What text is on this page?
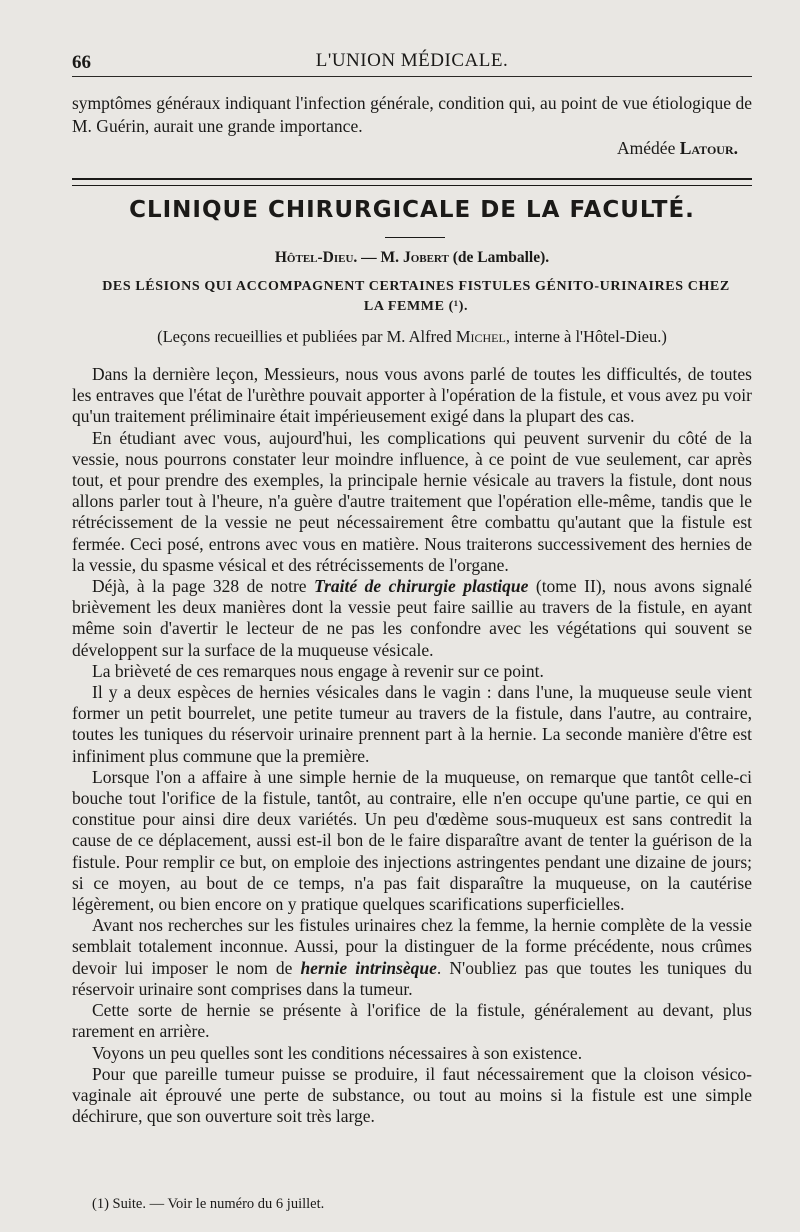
66	L'UNION MÉDICALE.
symptômes généraux indiquant l'infection générale, condition qui, au point de vue étiologique de M. Guérin, aurait une grande importance.
Amédée Latour.
CLINIQUE CHIRURGICALE DE LA FACULTÉ.
Hôtel-Dieu. — M. Jobert (de Lamballe).
DES LÉSIONS QUI ACCOMPAGNENT CERTAINES FISTULES GÉNITO-URINAIRES CHEZ LA FEMME (¹).
(Leçons recueillies et publiées par M. Alfred Michel, interne à l'Hôtel-Dieu.)

Dans la dernière leçon, Messieurs, nous vous avons parlé de toutes les difficultés, de toutes les entraves que l'état de l'urèthre pouvait apporter à l'opération de la fistule, et vous avez pu voir qu'un traitement préliminaire était impérieusement exigé dans la plupart des cas.

En étudiant avec vous, aujourd'hui, les complications qui peuvent survenir du côté de la vessie, nous pourrons constater leur moindre influence, à ce point de vue seulement, car après tout, et pour prendre des exemples, la principale hernie vésicale au travers la fistule, dont nous allons parler tout à l'heure, n'a guère d'autre traitement que l'opération elle-même, tandis que le rétrécissement de la vessie ne peut nécessairement être combattu qu'autant que la fistule est fermée. Ceci posé, entrons avec vous en matière. Nous traiterons successivement des hernies de la vessie, du spasme vésical et des rétrécissements de l'organe.

Déjà, à la page 328 de notre Traité de chirurgie plastique (tome II), nous avons signalé brièvement les deux manières dont la vessie peut faire saillie au travers de la fistule, en ayant même soin d'avertir le lecteur de ne pas les confondre avec les végétations qui souvent se développent sur la surface de la muqueuse vésicale.

La brièveté de ces remarques nous engage à revenir sur ce point.

Il y a deux espèces de hernies vésicales dans le vagin : dans l'une, la muqueuse seule vient former un petit bourrelet, une petite tumeur au travers de la fistule, dans l'autre, au contraire, toutes les tuniques du réservoir urinaire prennent part à la hernie. La seconde manière d'être est infiniment plus commune que la première.

Lorsque l'on a affaire à une simple hernie de la muqueuse, on remarque que tantôt celle-ci bouche tout l'orifice de la fistule, tantôt, au contraire, elle n'en occupe qu'une partie, ce qui en constitue pour ainsi dire deux variétés. Un peu d'œdème sous-muqueux est sans contredit la cause de ce déplacement, aussi est-il bon de le faire disparaître avant de tenter la guérison de la fistule. Pour remplir ce but, on emploie des injections astringentes pendant une dizaine de jours; si ce moyen, au bout de ce temps, n'a pas fait disparaître la muqueuse, on la cautérise légèrement, ou bien encore on y pratique quelques scarifications superficielles.

Avant nos recherches sur les fistules urinaires chez la femme, la hernie complète de la vessie semblait totalement inconnue. Aussi, pour la distinguer de la forme précédente, nous crûmes devoir lui imposer le nom de hernie intrinsèque. N'oubliez pas que toutes les tuniques du réservoir urinaire sont comprises dans la tumeur.

Cette sorte de hernie se présente à l'orifice de la fistule, généralement au devant, plus rarement en arrière.

Voyons un peu quelles sont les conditions nécessaires à son existence.

Pour que pareille tumeur puisse se produire, il faut nécessairement que la cloison vésico-vaginale ait éprouvé une perte de substance, ou tout au moins si la fistule est une simple déchirure, que son ouverture soit très large.

(1) Suite. — Voir le numéro du 6 juillet.
